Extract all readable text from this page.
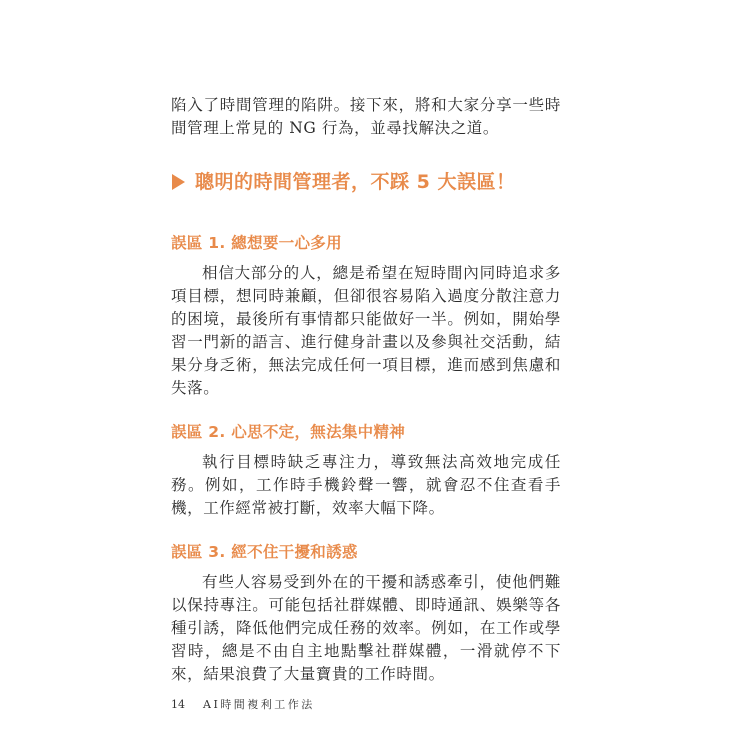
陷入了時間管理的陷阱。接下來，將和大家分享一些時間管理上常見的 NG 行為，並尋找解決之道。

聰明的時間管理者，不踩 5 大誤區！
誤區 1. 總想要一心多用

相信大部分的人，總是希望在短時間內同時追求多項目標，想同時兼顧，但卻很容易陷入過度分散注意力的困境，最後所有事情都只能做好一半。例如，開始學習一門新的語言、進行健身計畫以及參與社交活動，結果分身乏術，無法完成任何一項目標，進而感到焦慮和失落。

誤區 2. 心思不定，無法集中精神

執行目標時缺乏專注力，導致無法高效地完成任務。例如，工作時手機鈴聲一響，就會忍不住查看手機，工作經常被打斷，效率大幅下降。

誤區 3. 經不住干擾和誘惑

有些人容易受到外在的干擾和誘惑牽引，使他們難以保持專注。可能包括社群媒體、即時通訊、娛樂等各種引誘，降低他們完成任務的效率。例如，在工作或學習時，總是不由自主地點擊社群媒體，一滑就停不下來，結果浪費了大量寶貴的工作時間。

14 AI時間複利工作法
